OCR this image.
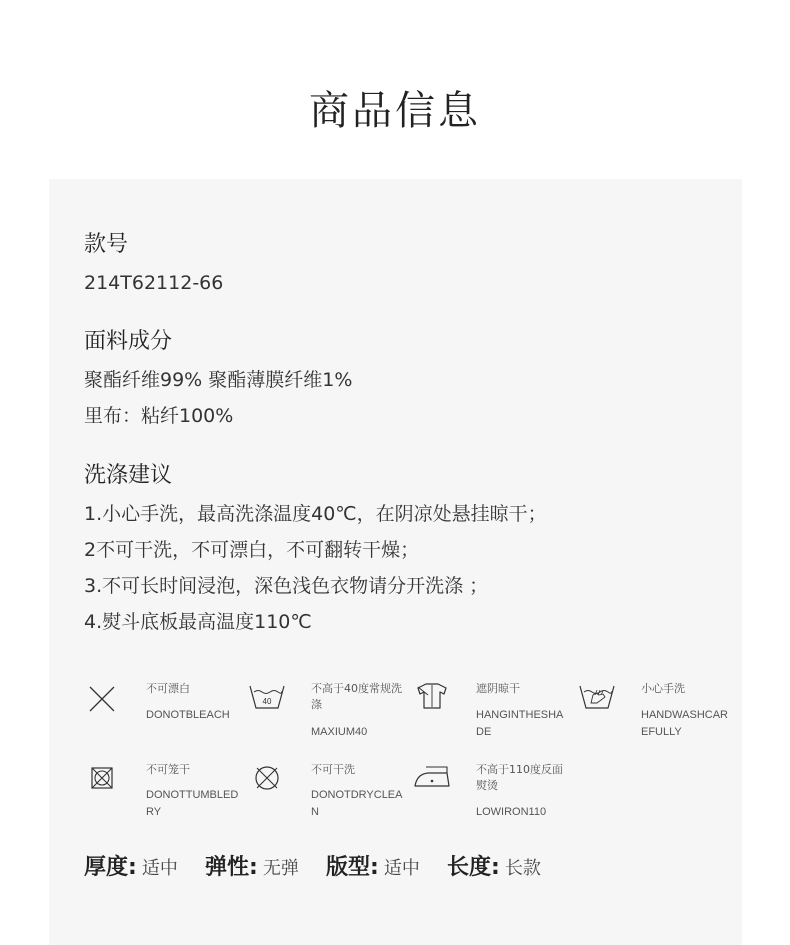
商品信息
款号
214T62112-66
面料成分
聚酯纤维99% 聚酯薄膜纤维1%
里布：粘纤100%
洗涤建议
1.小心手洗，最高洗涤温度40℃，在阴凉处悬挂晾干；
2不可干洗，不可漂白，不可翻转干燥；
3.不可长时间浸泡，深色浅色衣物请分开洗涤 ；
4.熨斗底板最高温度110℃
不可漂白
DONOTBLEACH
40
不高于40度常规洗涤
MAXIUM40
遮阴晾干
HANGINTHESHADE
小心手洗
HANDWASHCAREFULLY
不可笼干
DONOTTUMBLEDRY
不可干洗
DONOTDRYCLEAN
不高于110度反面熨烫
LOWIRON110
厚度: 适中 弹性: 无弹 版型: 适中 长度: 长款
